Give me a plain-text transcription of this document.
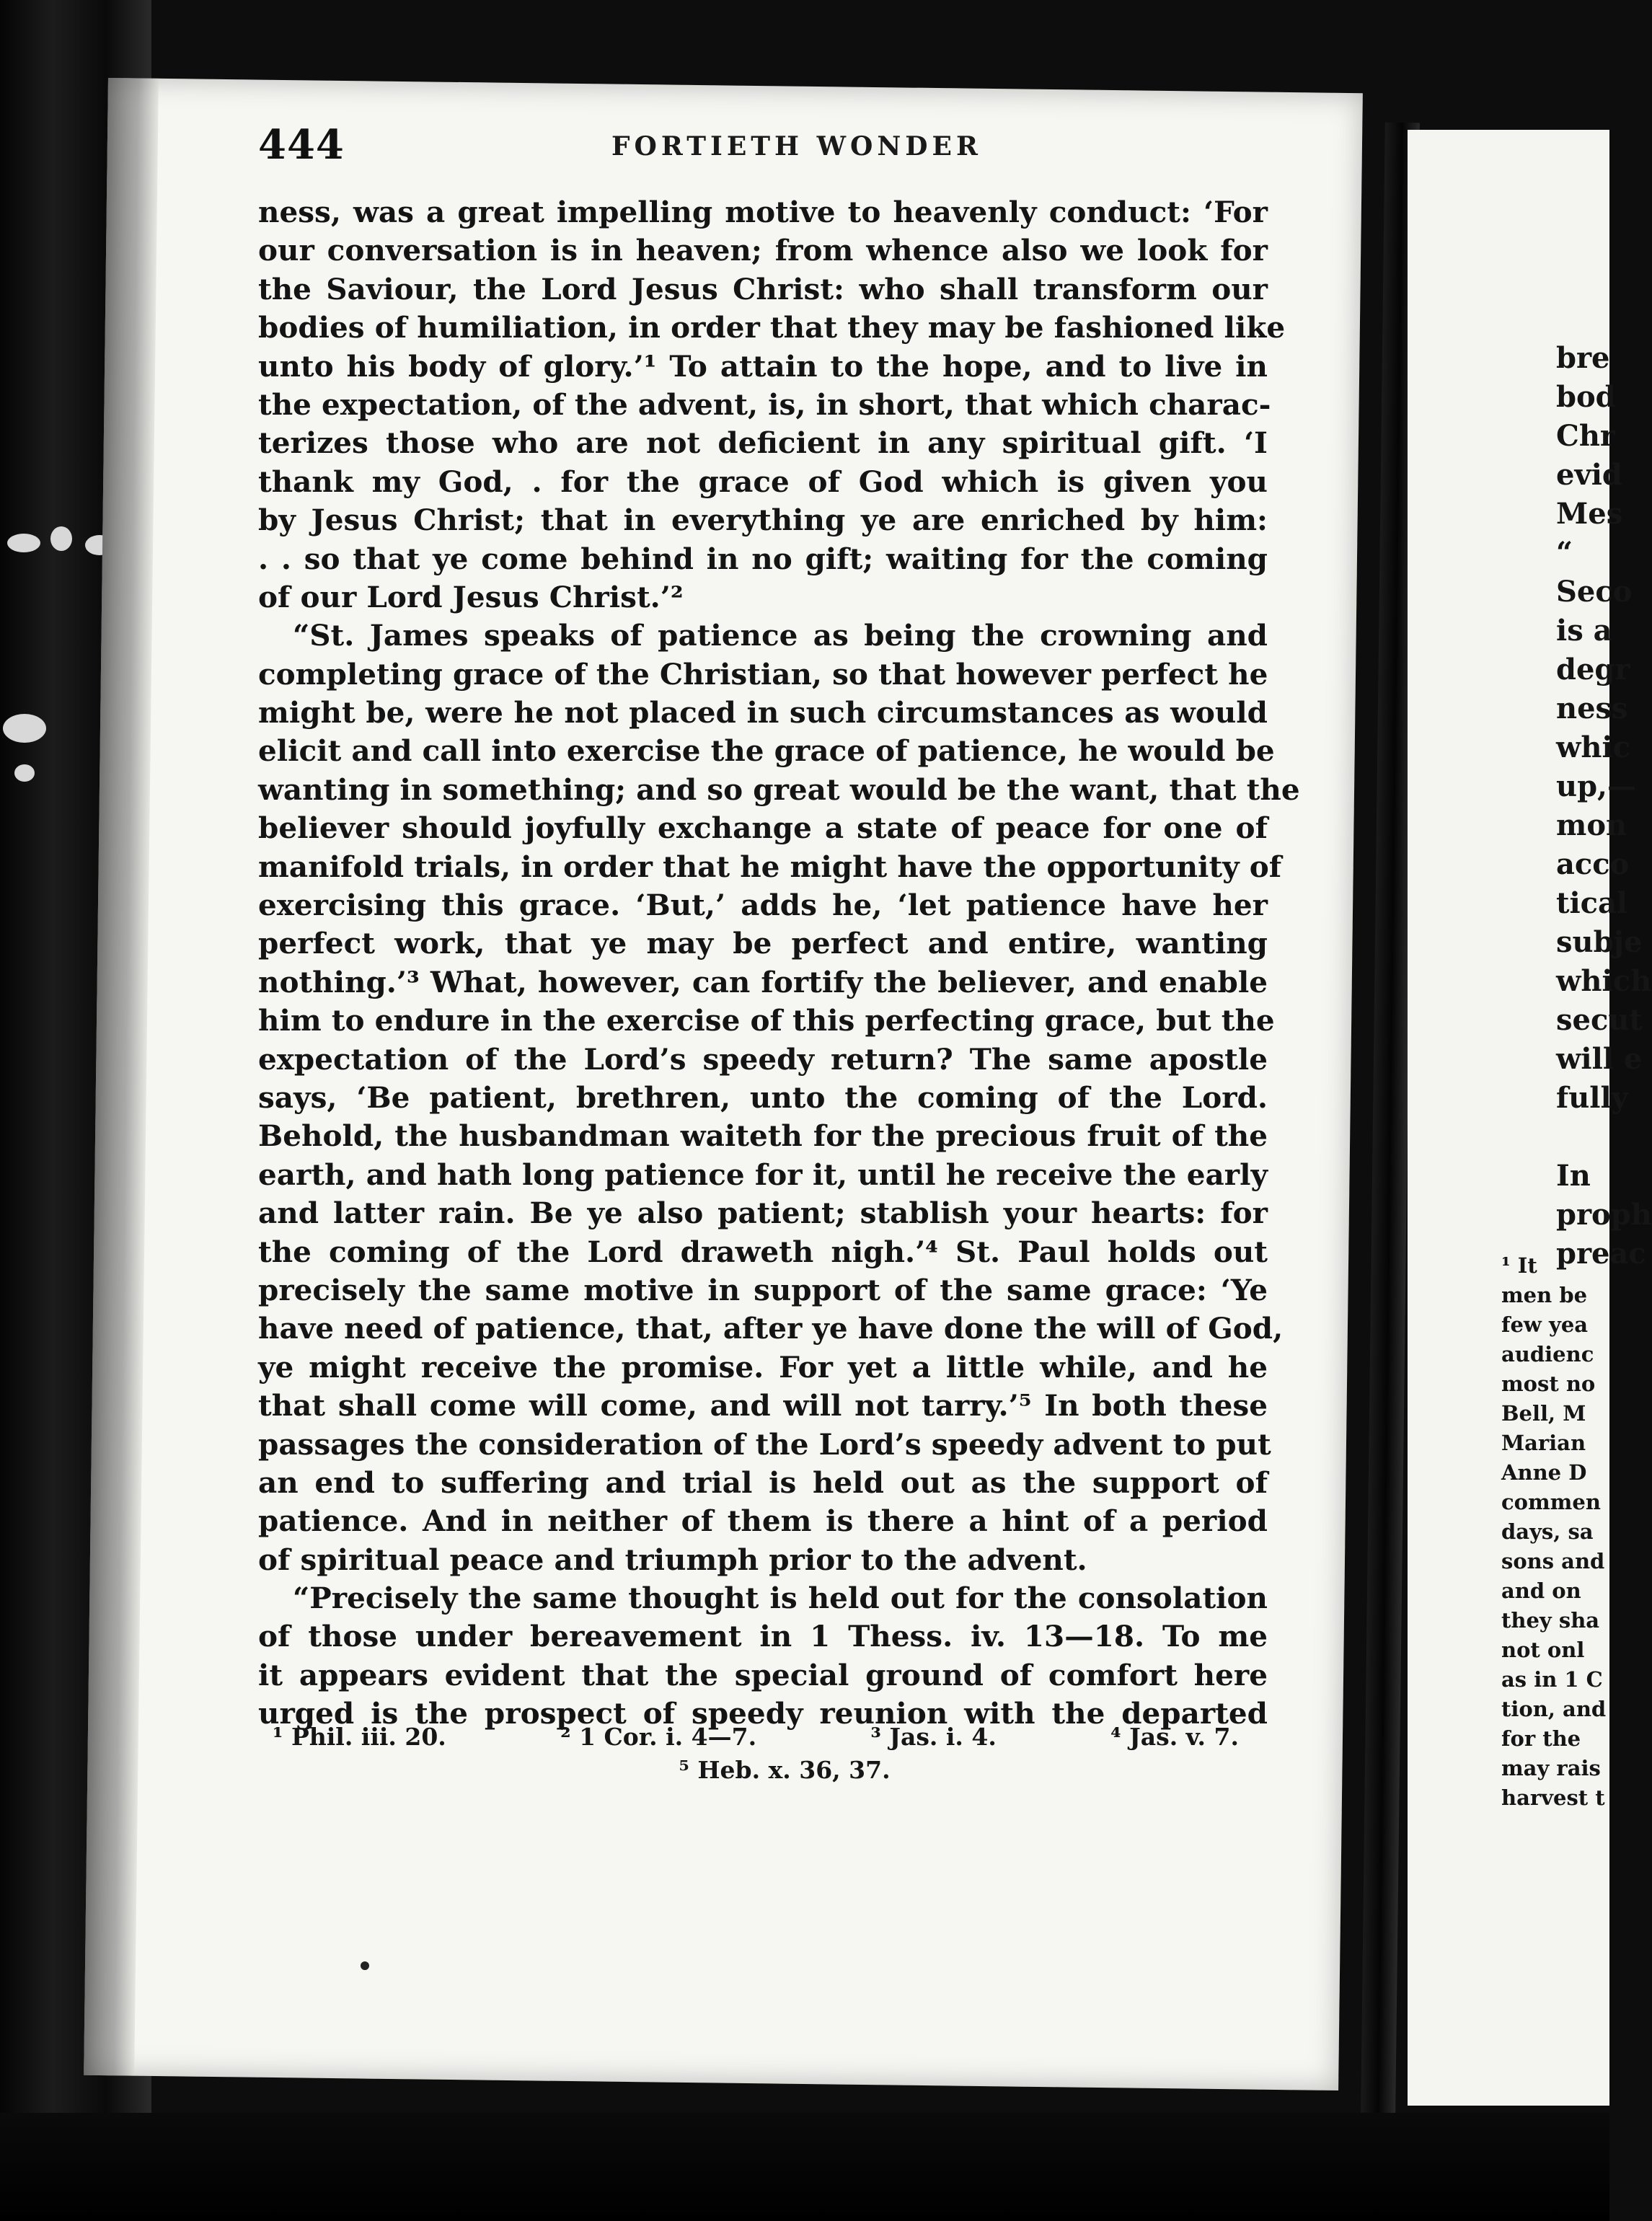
444	FORTIETH WONDER
ness, was a great impelling motive to heavenly conduct: ‘For
our conversation is in heaven; from whence also we look for
the Saviour, the Lord Jesus Christ: who shall transform our
bodies of humiliation, in order that they may be fashioned like
unto his body of glory.’¹ To attain to the hope, and to live in
the expectation, of the advent, is, in short, that which charac-
terizes those who are not deficient in any spiritual gift. ‘I
thank my God, . for the grace of God which is given you
by Jesus Christ; that in everything ye are enriched by him:
. . so that ye come behind in no gift; waiting for the coming
of our Lord Jesus Christ.’²
“St. James speaks of patience as being the crowning and
completing grace of the Christian, so that however perfect he
might be, were he not placed in such circumstances as would
elicit and call into exercise the grace of patience, he would be
wanting in something; and so great would be the want, that the
believer should joyfully exchange a state of peace for one of
manifold trials, in order that he might have the opportunity of
exercising this grace. ‘But,’ adds he, ‘let patience have her
perfect work, that ye may be perfect and entire, wanting
nothing.’³ What, however, can fortify the believer, and enable
him to endure in the exercise of this perfecting grace, but the
expectation of the Lord’s speedy return? The same apostle
says, ‘Be patient, brethren, unto the coming of the Lord.
Behold, the husbandman waiteth for the precious fruit of the
earth, and hath long patience for it, until he receive the early
and latter rain. Be ye also patient; stablish your hearts: for
the coming of the Lord draweth nigh.’⁴ St. Paul holds out
precisely the same motive in support of the same grace: ‘Ye
have need of patience, that, after ye have done the will of God,
ye might receive the promise. For yet a little while, and he
that shall come will come, and will not tarry.’⁵ In both these
passages the consideration of the Lord’s speedy advent to put
an end to suffering and trial is held out as the support of
patience. And in neither of them is there a hint of a period
of spiritual peace and triumph prior to the advent.
“Precisely the same thought is held out for the consolation
of those under bereavement in 1 Thess. iv. 13—18. To me
it appears evident that the special ground of comfort here
urged is the prospect of speedy reunion with the departed
¹ Phil. iii. 20.	² 1 Cor. i. 4—7.	³ Jas. i. 4.	⁴ Jas. v. 7.
⁵ Heb. x. 36, 37.
bre
bod
Chr
evid
Mes
“
Seco
is a
degr
ness
whic
up,—
mon
acco
tical
subje
which
secut
will e
fully
In
proph
preac
¹ It
men be
few yea
audienc
most no
Bell, M
Marian
Anne D
commen
days, sa
sons and
and on
they sha
not onl
as in 1 C
tion, and
for the
may rais
harvest t
